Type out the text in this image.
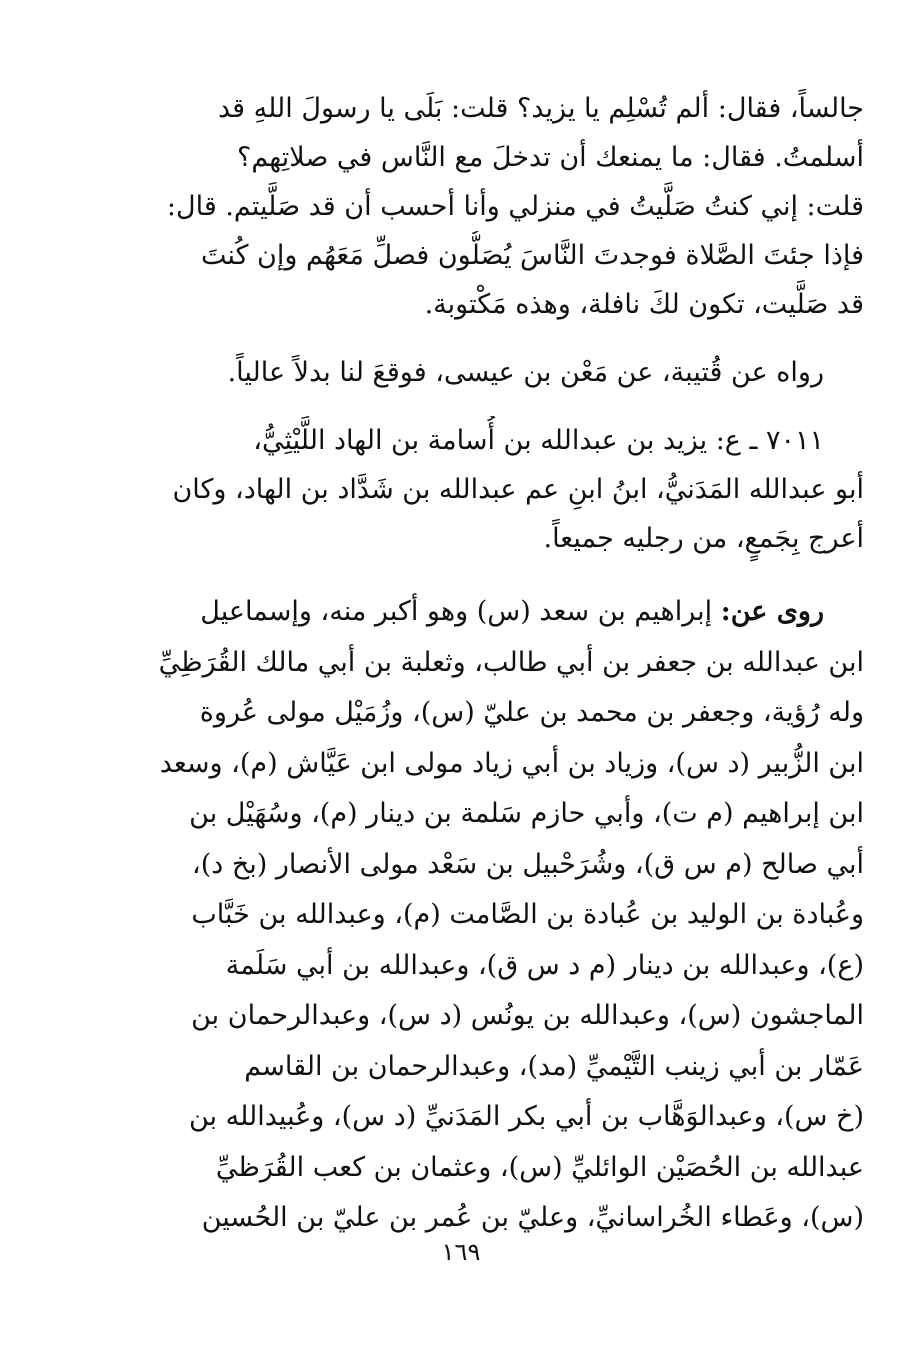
جالساً، فقال: ألم تُسْلِم يا يزيد؟ قلت: بَلَى يا رسولَ اللهِ قد
أسلمتُ. فقال: ما يمنعك أن تدخلَ مع النَّاس في صلاتِهم؟
قلت: إني كنتُ صَلَّيتُ في منزلي وأنا أحسب أن قد صَلَّيتم. قال:
فإذا جئتَ الصَّلاة فوجدتَ النَّاسَ يُصَلُّون فصلِّ مَعَهُم وإن كُنتَ
قد صَلَّيت، تكون لكَ نافلة، وهذه مَكْتوبة.
رواه عن قُتيبة، عن مَعْن بن عيسى، فوقعَ لنا بدلاً عالياً.
٧٠١١ ـ ع: يزيد بن عبدالله بن أُسامة بن الهاد اللَّيْثِيُّ،
أبو عبدالله المَدَنيُّ، ابنُ ابنِ عم عبدالله بن شَدَّاد بن الهاد، وكان
أعرج بِجَمعٍ، من رجليه جميعاً.
روى عن: إبراهيم بن سعد (س) وهو أكبر منه، وإسماعيل
ابن عبدالله بن جعفر بن أبي طالب، وثعلبة بن أبي مالك القُرَظِيِّ
وله رُؤية، وجعفر بن محمد بن عليّ (س)، وزُمَيْل مولى عُروة
ابن الزُّبير (د س)، وزياد بن أبي زياد مولى ابن عَيَّاش (م)، وسعد
ابن إبراهيم (م ت)، وأبي حازم سَلمة بن دينار (م)، وسُهَيْل بن
أبي صالح (م س ق)، وشُرَحْبيل بن سَعْد مولى الأنصار (بخ د)،
وعُبادة بن الوليد بن عُبادة بن الصَّامت (م)، وعبدالله بن خَبَّاب
(ع)، وعبدالله بن دينار (م د س ق)، وعبدالله بن أبي سَلَمة
الماجشون (س)، وعبدالله بن يونُس (د س)، وعبدالرحمان بن
عَمّار بن أبي زينب التَّيْميِّ (مد)، وعبدالرحمان بن القاسم
(خ س)، وعبدالوَهَّاب بن أبي بكر المَدَنيِّ (د س)، وعُبيدالله بن
عبدالله بن الحُصَيْن الوائليِّ (س)، وعثمان بن كعب القُرَظيِّ
(س)، وعَطاء الخُراسانيِّ، وعليّ بن عُمر بن عليّ بن الحُسين
١٦٩
